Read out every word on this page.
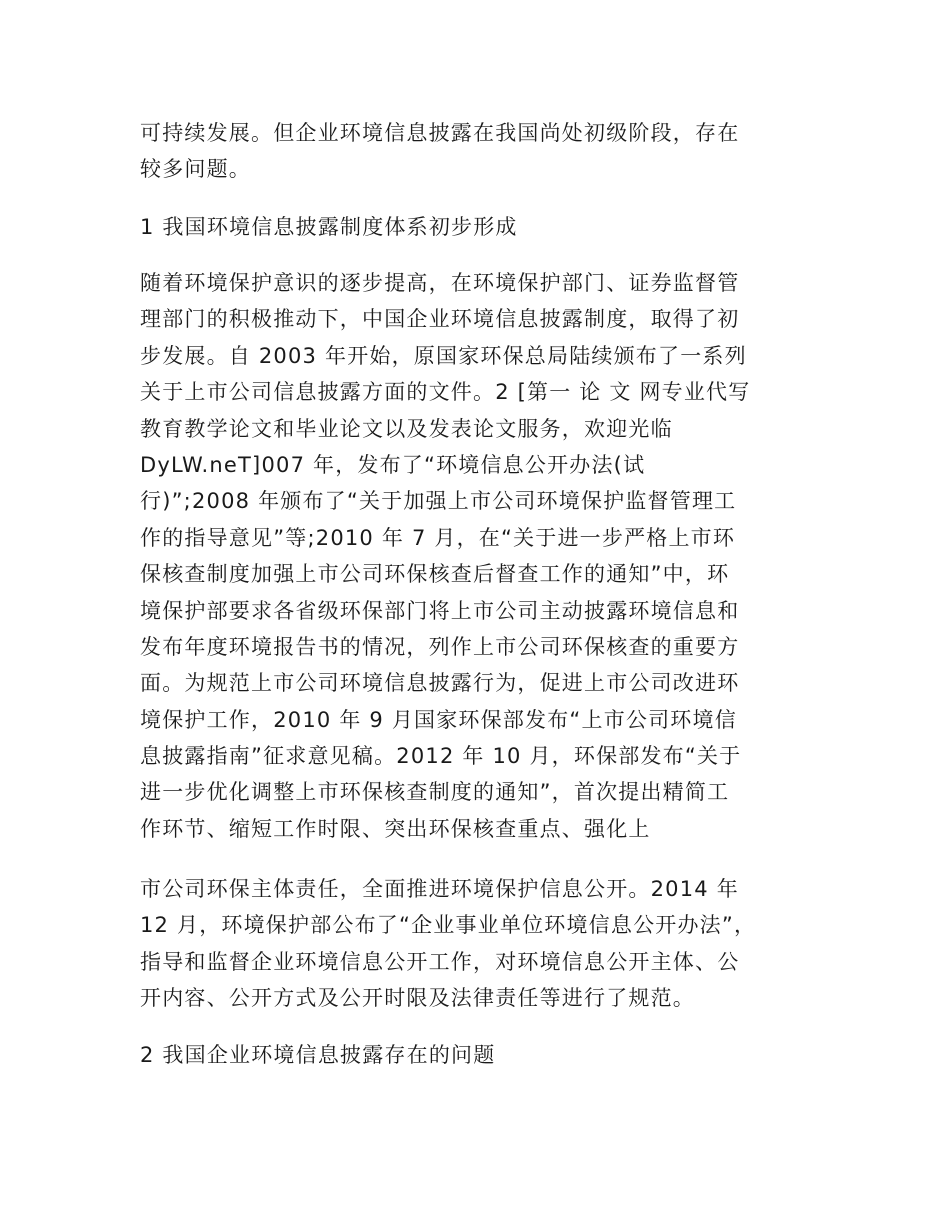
可持续发展。但企业环境信息披露在我国尚处初级阶段，存在
较多问题。
1 我国环境信息披露制度体系初步形成
随着环境保护意识的逐步提高，在环境保护部门、证券监督管
理部门的积极推动下，中国企业环境信息披露制度，取得了初
步发展。自 2003 年开始，原国家环保总局陆续颁布了一系列
关于上市公司信息披露方面的文件。2 [第一 论 文 网专业代写
教育教学论文和毕业论文以及发表论文服务，欢迎光临
DyLW.neT]007 年，发布了“环境信息公开办法(试
行)”;2008 年颁布了“关于加强上市公司环境保护监督管理工
作的指导意见”等;2010 年 7 月，在“关于进一步严格上市环
保核查制度加强上市公司环保核查后督查工作的通知”中，环
境保护部要求各省级环保部门将上市公司主动披露环境信息和
发布年度环境报告书的情况，列作上市公司环保核查的重要方
面。为规范上市公司环境信息披露行为，促进上市公司改进环
境保护工作，2010 年 9 月国家环保部发布“上市公司环境信
息披露指南”征求意见稿。2012 年 10 月，环保部发布“关于
进一步优化调整上市环保核查制度的通知”，首次提出精简工
作环节、缩短工作时限、突出环保核查重点、强化上
市公司环保主体责任，全面推进环境保护信息公开。2014 年
12 月，环境保护部公布了“企业事业单位环境信息公开办法”，
指导和监督企业环境信息公开工作，对环境信息公开主体、公
开内容、公开方式及公开时限及法律责任等进行了规范。
2 我国企业环境信息披露存在的问题
